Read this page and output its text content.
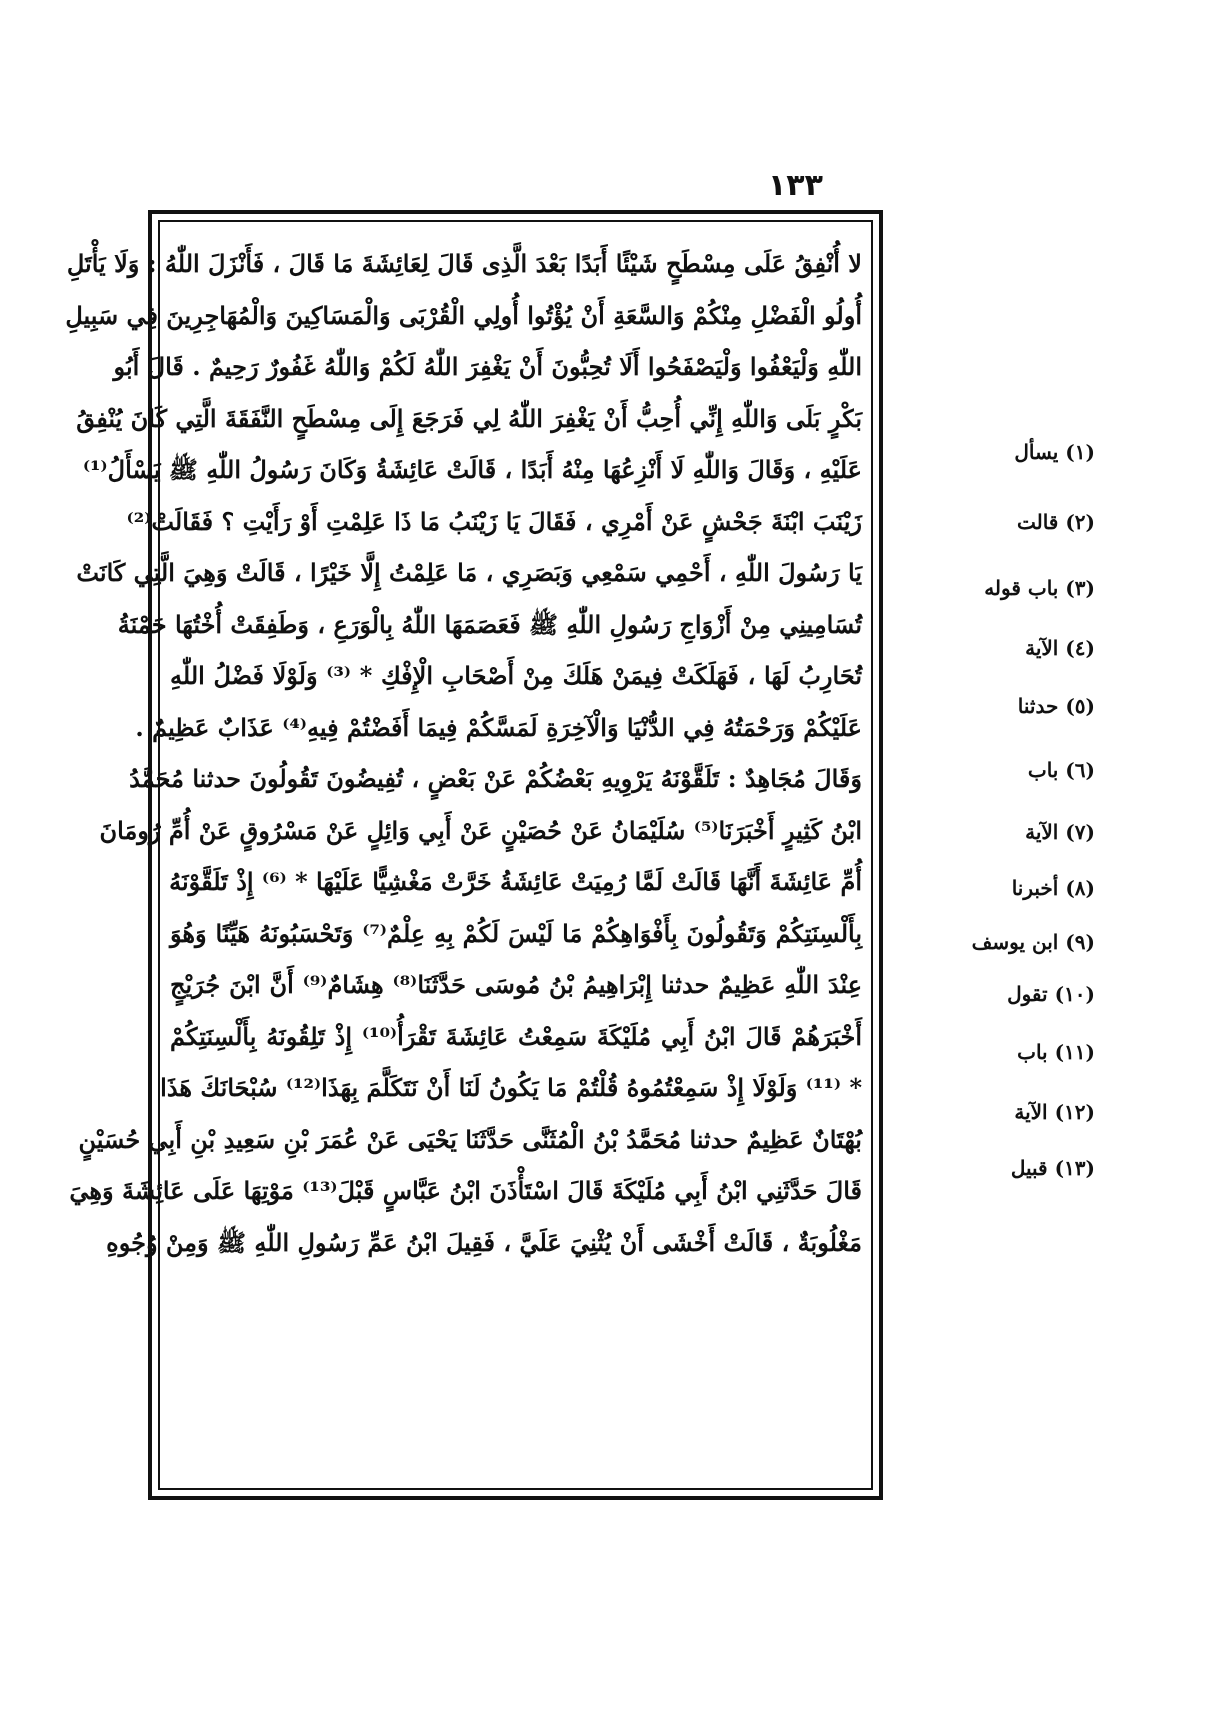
١٣٣
لا أُنْفِقُ عَلَى مِسْطَحٍ شَيْئًا أَبَدًا بَعْدَ الَّذِى قَالَ لِعَائِشَةَ مَا قَالَ ، فَأَنْزَلَ اللّٰهُ : وَلَا يَأْتَلِ
أُولُو الْفَضْلِ مِنْكُمْ وَالسَّعَةِ أَنْ يُؤْتُوا أُولِي الْقُرْبَى وَالْمَسَاكِينَ وَالْمُهَاجِرِينَ فِي سَبِيلِ
اللّٰهِ وَلْيَعْفُوا وَلْيَصْفَحُوا أَلَا تُحِبُّونَ أَنْ يَغْفِرَ اللّٰهُ لَكُمْ وَاللّٰهُ غَفُورٌ رَحِيمٌ . قَالَ أَبُو
بَكْرٍ بَلَى وَاللّٰهِ إِنِّي أُحِبُّ أَنْ يَغْفِرَ اللّٰهُ لِي فَرَجَعَ إِلَى مِسْطَحٍ النَّفَقَةَ الَّتِي كَانَ يُنْفِقُ
عَلَيْهِ ، وَقَالَ وَاللّٰهِ لَا أَنْزِعُهَا مِنْهُ أَبَدًا ، قَالَتْ عَائِشَةُ وَكَانَ رَسُولُ اللّٰهِ ﷺ يَسْأَلُ⁽¹⁾
زَيْنَبَ ابْنَةَ جَحْشٍ عَنْ أَمْرِي ، فَقَالَ يَا زَيْنَبُ مَا ذَا عَلِمْتِ أَوْ رَأَيْتِ ؟ فَقَالَتْ⁽²⁾
يَا رَسُولَ اللّٰهِ ، أَحْمِي سَمْعِي وَبَصَرِي ، مَا عَلِمْتُ إِلَّا خَيْرًا ، قَالَتْ وَهِيَ الَّتِي كَانَتْ
تُسَامِينِي مِنْ أَزْوَاجِ رَسُولِ اللّٰهِ ﷺ فَعَصَمَهَا اللّٰهُ بِالْوَرَعِ ، وَطَفِقَتْ أُخْتُهَا حَمْنَةُ
تُحَارِبُ لَهَا ، فَهَلَكَتْ فِيمَنْ هَلَكَ مِنْ أَصْحَابِ الْإِفْكِ * ⁽³⁾ وَلَوْلَا فَضْلُ اللّٰهِ
عَلَيْكُمْ وَرَحْمَتُهُ فِي الدُّنْيَا وَالْآخِرَةِ لَمَسَّكُمْ فِيمَا أَفَضْتُمْ فِيهِ⁽⁴⁾ عَذَابٌ عَظِيمٌ .
وَقَالَ مُجَاهِدٌ : تَلَقَّوْنَهُ يَرْوِيهِ بَعْضُكُمْ عَنْ بَعْضٍ ، تُفِيضُونَ تَقُولُونَ حدثنا مُحَمَّدُ
ابْنُ كَثِيرٍ أَخْبَرَنَا⁽⁵⁾ سُلَيْمَانُ عَنْ حُصَيْنٍ عَنْ أَبِي وَائِلٍ عَنْ مَسْرُوقٍ عَنْ أُمِّ رُومَانَ
أُمِّ عَائِشَةَ أَنَّهَا قَالَتْ لَمَّا رُمِيَتْ عَائِشَةُ خَرَّتْ مَغْشِيًّا عَلَيْهَا * ⁽⁶⁾ إِذْ تَلَقَّوْنَهُ
بِأَلْسِنَتِكُمْ وَتَقُولُونَ بِأَفْوَاهِكُمْ مَا لَيْسَ لَكُمْ بِهِ عِلْمٌ⁽⁷⁾ وَتَحْسَبُونَهُ هَيِّنًا وَهُوَ
عِنْدَ اللّٰهِ عَظِيمٌ حدثنا إِبْرَاهِيمُ بْنُ مُوسَى حَدَّثَنَا⁽⁸⁾ هِشَامٌ⁽⁹⁾ أَنَّ ابْنَ جُرَيْجٍ
أَخْبَرَهُمْ قَالَ ابْنُ أَبِي مُلَيْكَةَ سَمِعْتُ عَائِشَةَ تَقْرَأُ⁽¹⁰⁾ إِذْ تَلِقُونَهُ بِأَلْسِنَتِكُمْ
* ⁽¹¹⁾ وَلَوْلَا إِذْ سَمِعْتُمُوهُ قُلْتُمْ مَا يَكُونُ لَنَا أَنْ نَتَكَلَّمَ بِهَذَا⁽¹²⁾ سُبْحَانَكَ هَذَا
بُهْتَانٌ عَظِيمٌ حدثنا مُحَمَّدُ بْنُ الْمُثَنَّى حَدَّثَنَا يَحْيَى عَنْ عُمَرَ بْنِ سَعِيدِ بْنِ أَبِي حُسَيْنٍ
قَالَ حَدَّثَنِي ابْنُ أَبِي مُلَيْكَةَ قَالَ اسْتَأْذَنَ ابْنُ عَبَّاسٍ قَبْلَ⁽¹³⁾ مَوْتِهَا عَلَى عَائِشَةَ وَهِيَ
مَغْلُوبَةٌ ، قَالَتْ أَخْشَى أَنْ يُثْنِيَ عَلَيَّ ، فَقِيلَ ابْنُ عَمِّ رَسُولِ اللّٰهِ ﷺ وَمِنْ وُجُوهِ
(١) يسأل
(٢) قالت
(٣) باب قوله
(٤) الآية
(٥) حدثنا
(٦) باب
(٧) الآية
(٨) أخبرنا
(٩) ابن يوسف
(١٠) تقول
(١١) باب
(١٢) الآية
(١٣) قبيل
